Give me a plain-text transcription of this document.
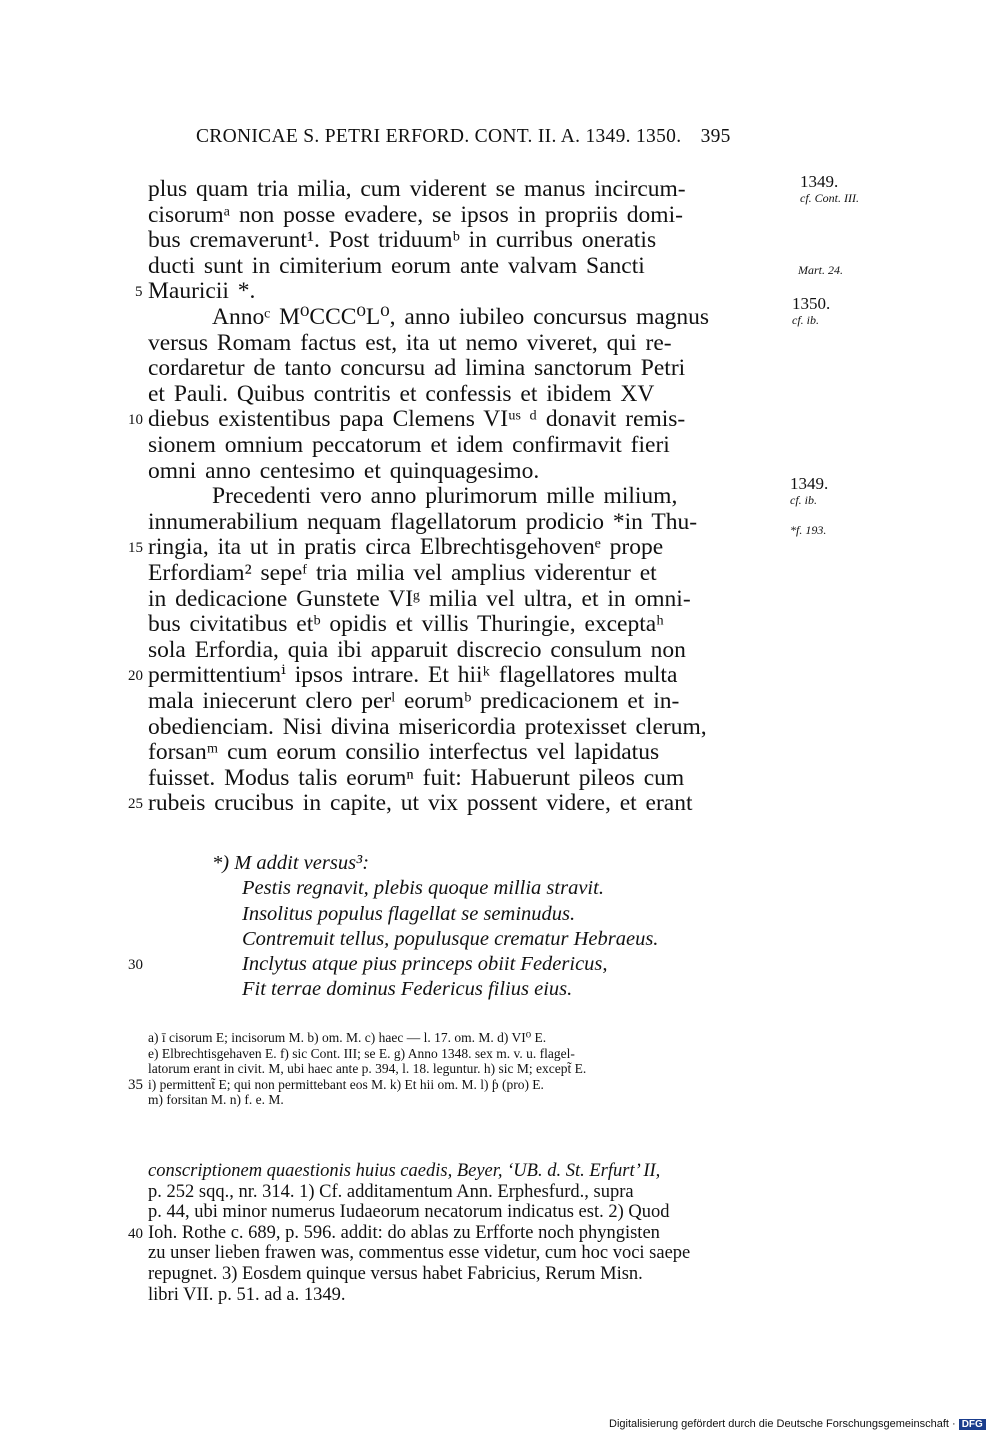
CRONICAE S. PETRI ERFORD. CONT. II. A. 1349. 1350. 395
plus quam tria milia, cum viderent se manus incircum-
cisorumᵃ non posse evadere, se ipsos in propriis domi-
bus cremaverunt¹. Post triduumᵇ in curribus oneratis
ducti sunt in cimiterium eorum ante valvam Sancti
Mauricii *.
5
Annoᶜ M⁰CCC⁰L⁰, anno iubileo concursus magnus
versus Romam factus est, ita ut nemo viveret, qui re-
cordaretur de tanto concursu ad limina sanctorum Petri
et Pauli. Quibus contritis et confessis et ibidem XV
diebus existentibus papa Clemens VIᵘˢ ᵈ donavit remis-
10
sionem omnium peccatorum et idem confirmavit fieri
omni anno centesimo et quinquagesimo.
Precedenti vero anno plurimorum mille milium,
innumerabilium nequam flagellatorum prodicio *in Thu-
ringia, ita ut in pratis circa Elbrechtisgehovenᵉ prope
15
Erfordiam² sepeᶠ tria milia vel amplius viderentur et
in dedicacione Gunstete VIᵍ milia vel ultra, et in omni-
bus civitatibus etᵇ opidis et villis Thuringie, exceptaʰ
sola Erfordia, quia ibi apparuit discrecio consulum non
permittentiumⁱ ipsos intrare. Et hiiᵏ flagellatores multa
20
mala iniecerunt clero perˡ eorumᵇ predicacionem et in-
obedienciam. Nisi divina misericordia protexisset clerum,
forsanᵐ cum eorum consilio interfectus vel lapidatus
fuisset. Modus talis eorumⁿ fuit: Habuerunt pileos cum
rubeis crucibus in capite, ut vix possent videre, et erant
25
1349.
cf. Cont. III.
Mart. 24.
1350.
cf. ib.
1349.
cf. ib.
*f. 193.
*) M addit versus³:
Pestis regnavit, plebis quoque millia stravit.
Insolitus populus flagellat se seminudus.
Contremuit tellus, populusque crematur Hebraeus.
Inclytus atque pius princeps obiit Federicus,
Fit terrae dominus Federicus filius eius.
30
a) ī cisorum E; incisorum M. b) om. M. c) haec — l. 17. om. M. d) VI⁰ E.
e) Elbrechtisgehaven E. f) sic Cont. III; se E. g) Anno 1348. sex m. v. u. flagel-
latorum erant in civit. M, ubi haec ante p. 394, l. 18. leguntur. h) sic M; except̃ E.
i) permittent̃ E; qui non permittebant eos M. k) Et hii om. M. l) ƥ (pro) E.
35
m) forsitan M. n) f. e. M.
conscriptionem quaestionis huius caedis, Beyer, ‘UB. d. St. Erfurt’ II,
p. 252 sqq., nr. 314. 1) Cf. additamentum Ann. Erphesfurd., supra
p. 44, ubi minor numerus Iudaeorum necatorum indicatus est. 2) Quod
Ioh. Rothe c. 689, p. 596. addit: do ablas zu Erfforte noch phyngisten
40
zu unser lieben frawen was, commentus esse videtur, cum hoc voci saepe
repugnet. 3) Eosdem quinque versus habet Fabricius, Rerum Misn.
libri VII. p. 51. ad a. 1349.
Digitalisierung gefördert durch die Deutsche Forschungsgemeinschaft · DFG
